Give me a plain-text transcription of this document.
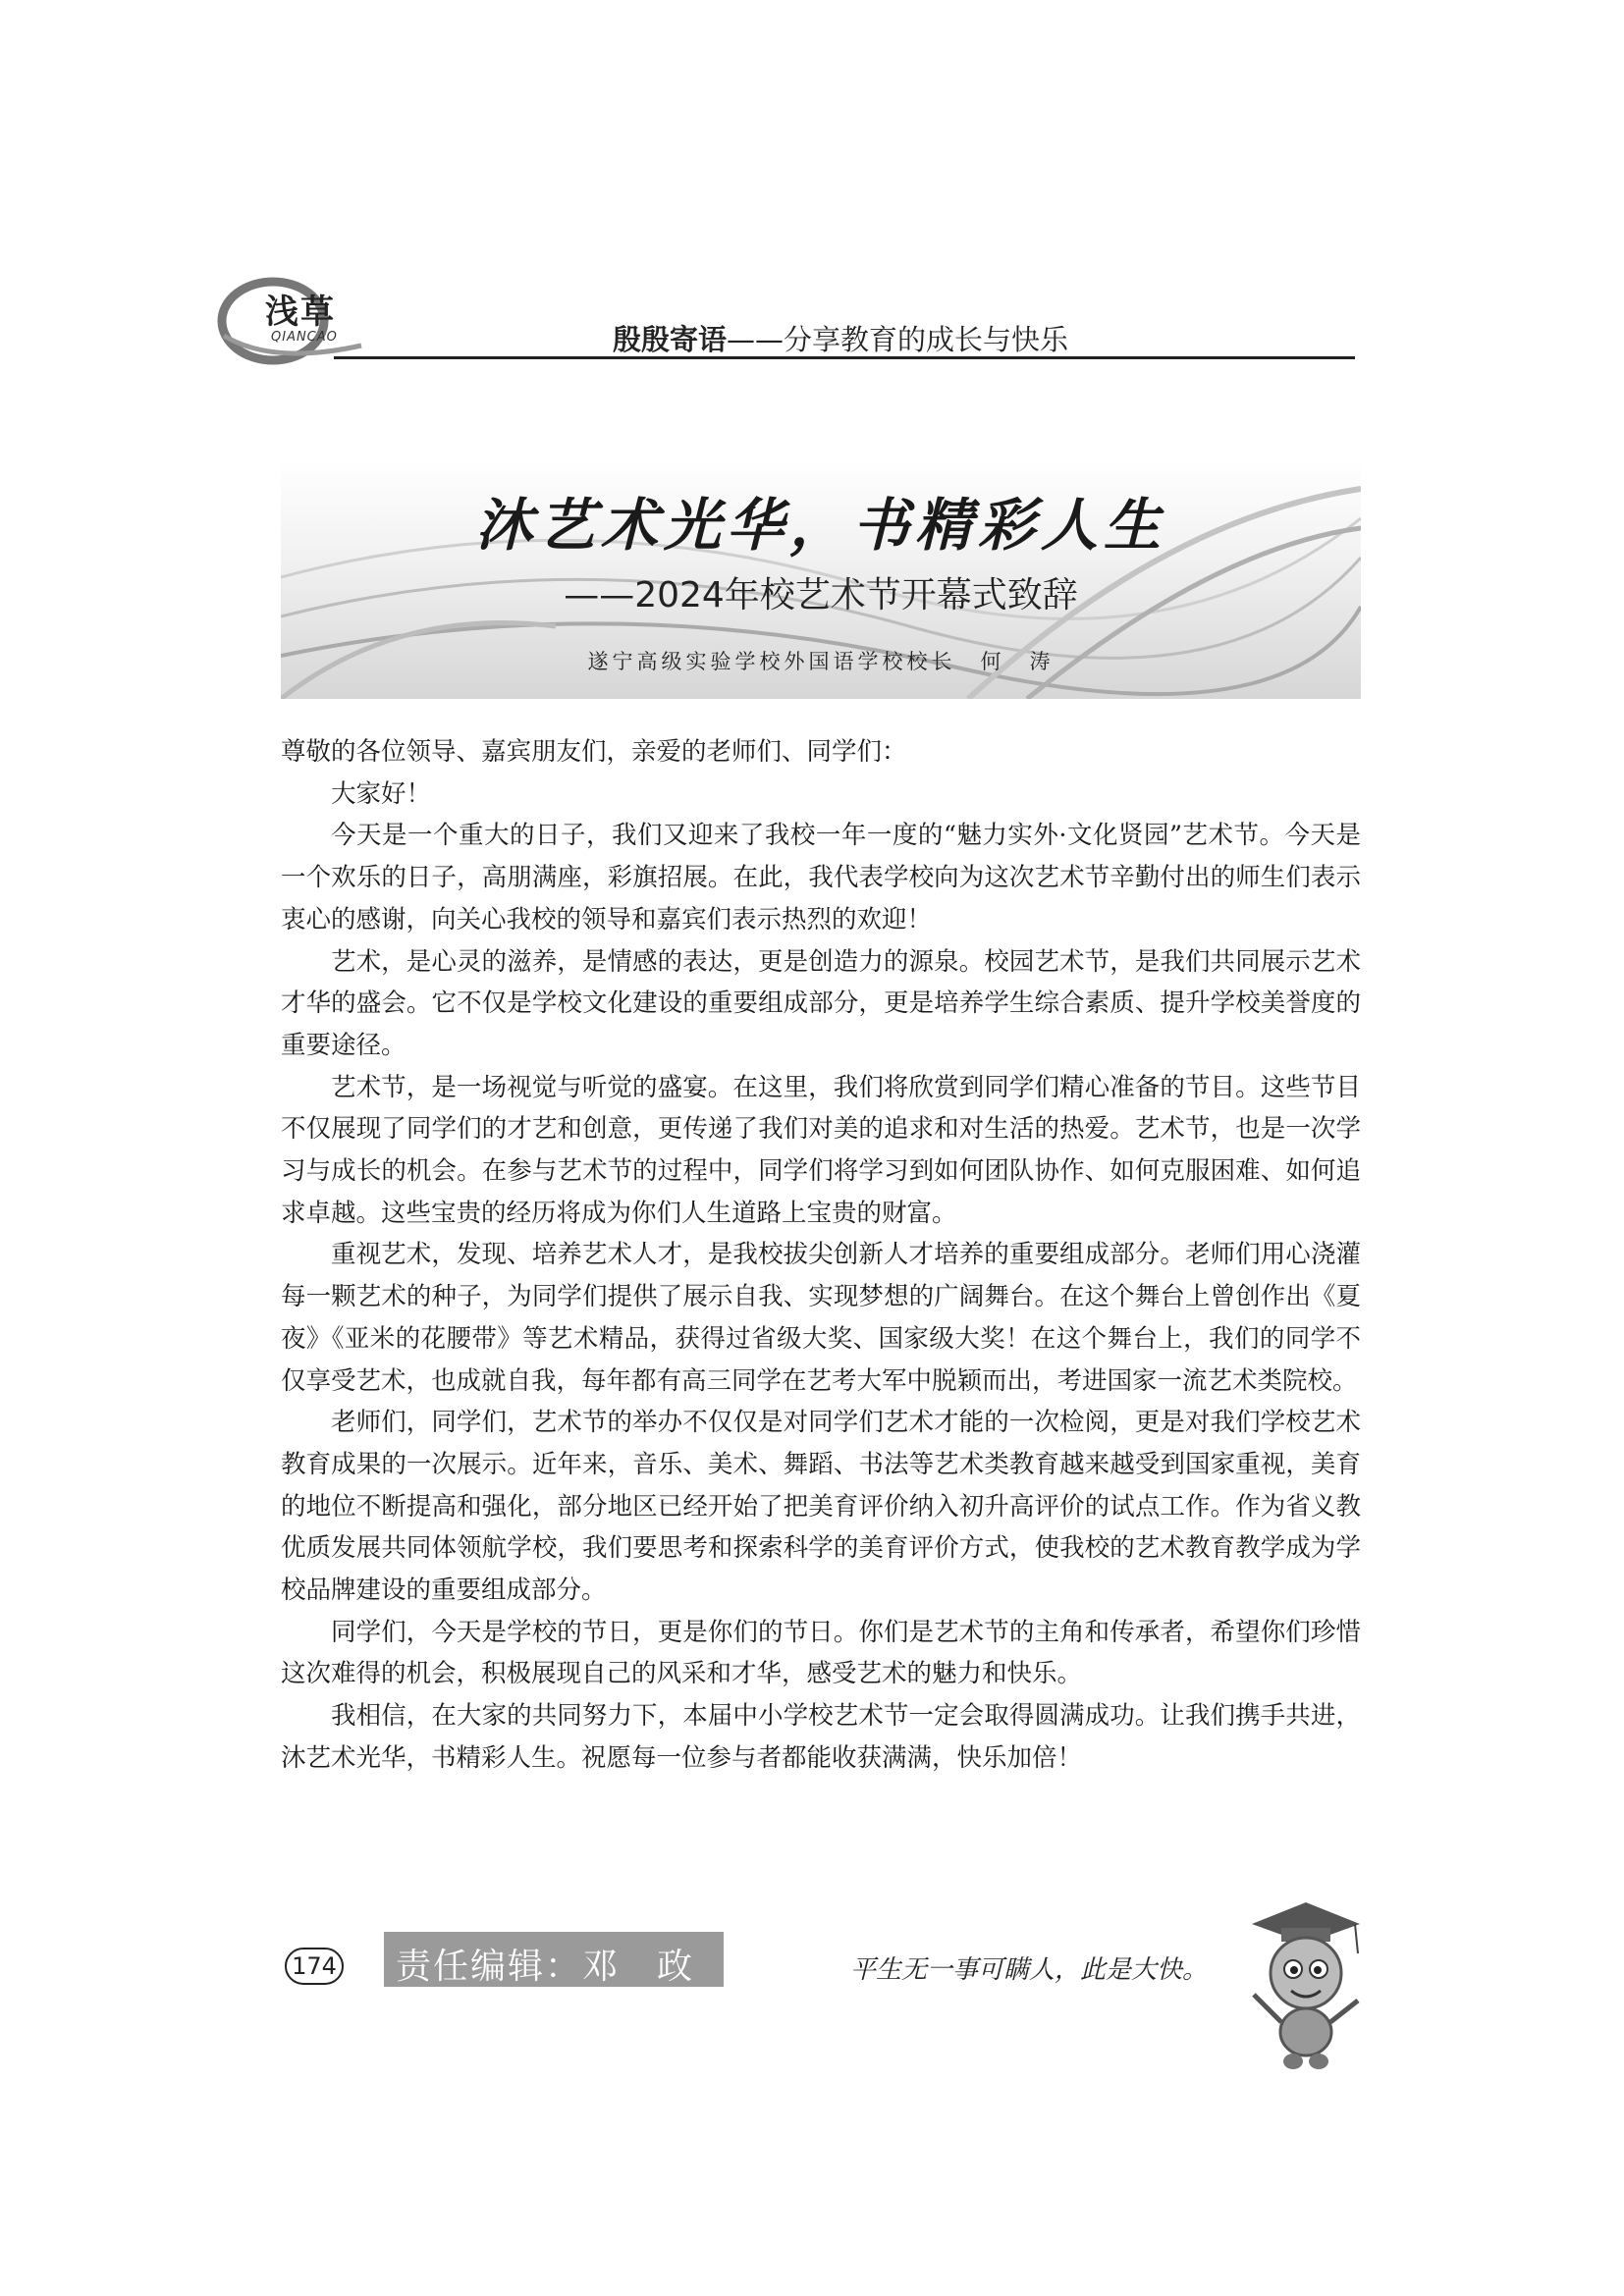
浅草
QIANCAO	殷殷寄语——分享教育的成长与快乐
沐艺术光华，书精彩人生
——2024年校艺术节开幕式致辞
遂宁高级实验学校外国语学校校长　何　涛

尊敬的各位领导、嘉宾朋友们，亲爱的老师们、同学们：

大家好！

今天是一个重大的日子，我们又迎来了我校一年一度的“魅力实外·文化贤园”艺术节。今天是一个欢乐的日子，高朋满座，彩旗招展。在此，我代表学校向为这次艺术节辛勤付出的师生们表示衷心的感谢，向关心我校的领导和嘉宾们表示热烈的欢迎！

艺术，是心灵的滋养，是情感的表达，更是创造力的源泉。校园艺术节，是我们共同展示艺术才华的盛会。它不仅是学校文化建设的重要组成部分，更是培养学生综合素质、提升学校美誉度的重要途径。

艺术节，是一场视觉与听觉的盛宴。在这里，我们将欣赏到同学们精心准备的节目。这些节目不仅展现了同学们的才艺和创意，更传递了我们对美的追求和对生活的热爱。艺术节，也是一次学习与成长的机会。在参与艺术节的过程中，同学们将学习到如何团队协作、如何克服困难、如何追求卓越。这些宝贵的经历将成为你们人生道路上宝贵的财富。

重视艺术，发现、培养艺术人才，是我校拔尖创新人才培养的重要组成部分。老师们用心浇灌每一颗艺术的种子，为同学们提供了展示自我、实现梦想的广阔舞台。在这个舞台上曾创作出《夏夜》《亚米的花腰带》等艺术精品，获得过省级大奖、国家级大奖！在这个舞台上，我们的同学不仅享受艺术，也成就自我，每年都有高三同学在艺考大军中脱颖而出，考进国家一流艺术类院校。

老师们，同学们，艺术节的举办不仅仅是对同学们艺术才能的一次检阅，更是对我们学校艺术教育成果的一次展示。近年来，音乐、美术、舞蹈、书法等艺术类教育越来越受到国家重视，美育的地位不断提高和强化，部分地区已经开始了把美育评价纳入初升高评价的试点工作。作为省义教优质发展共同体领航学校，我们要思考和探索科学的美育评价方式，使我校的艺术教育教学成为学校品牌建设的重要组成部分。

同学们，今天是学校的节日，更是你们的节日。你们是艺术节的主角和传承者，希望你们珍惜这次难得的机会，积极展现自己的风采和才华，感受艺术的魅力和快乐。

我相信，在大家的共同努力下，本届中小学校艺术节一定会取得圆满成功。让我们携手共进，沐艺术光华，书精彩人生。祝愿每一位参与者都能收获满满，快乐加倍！

174 责任编辑：邓　政	平生无一事可瞒人，此是大快。
